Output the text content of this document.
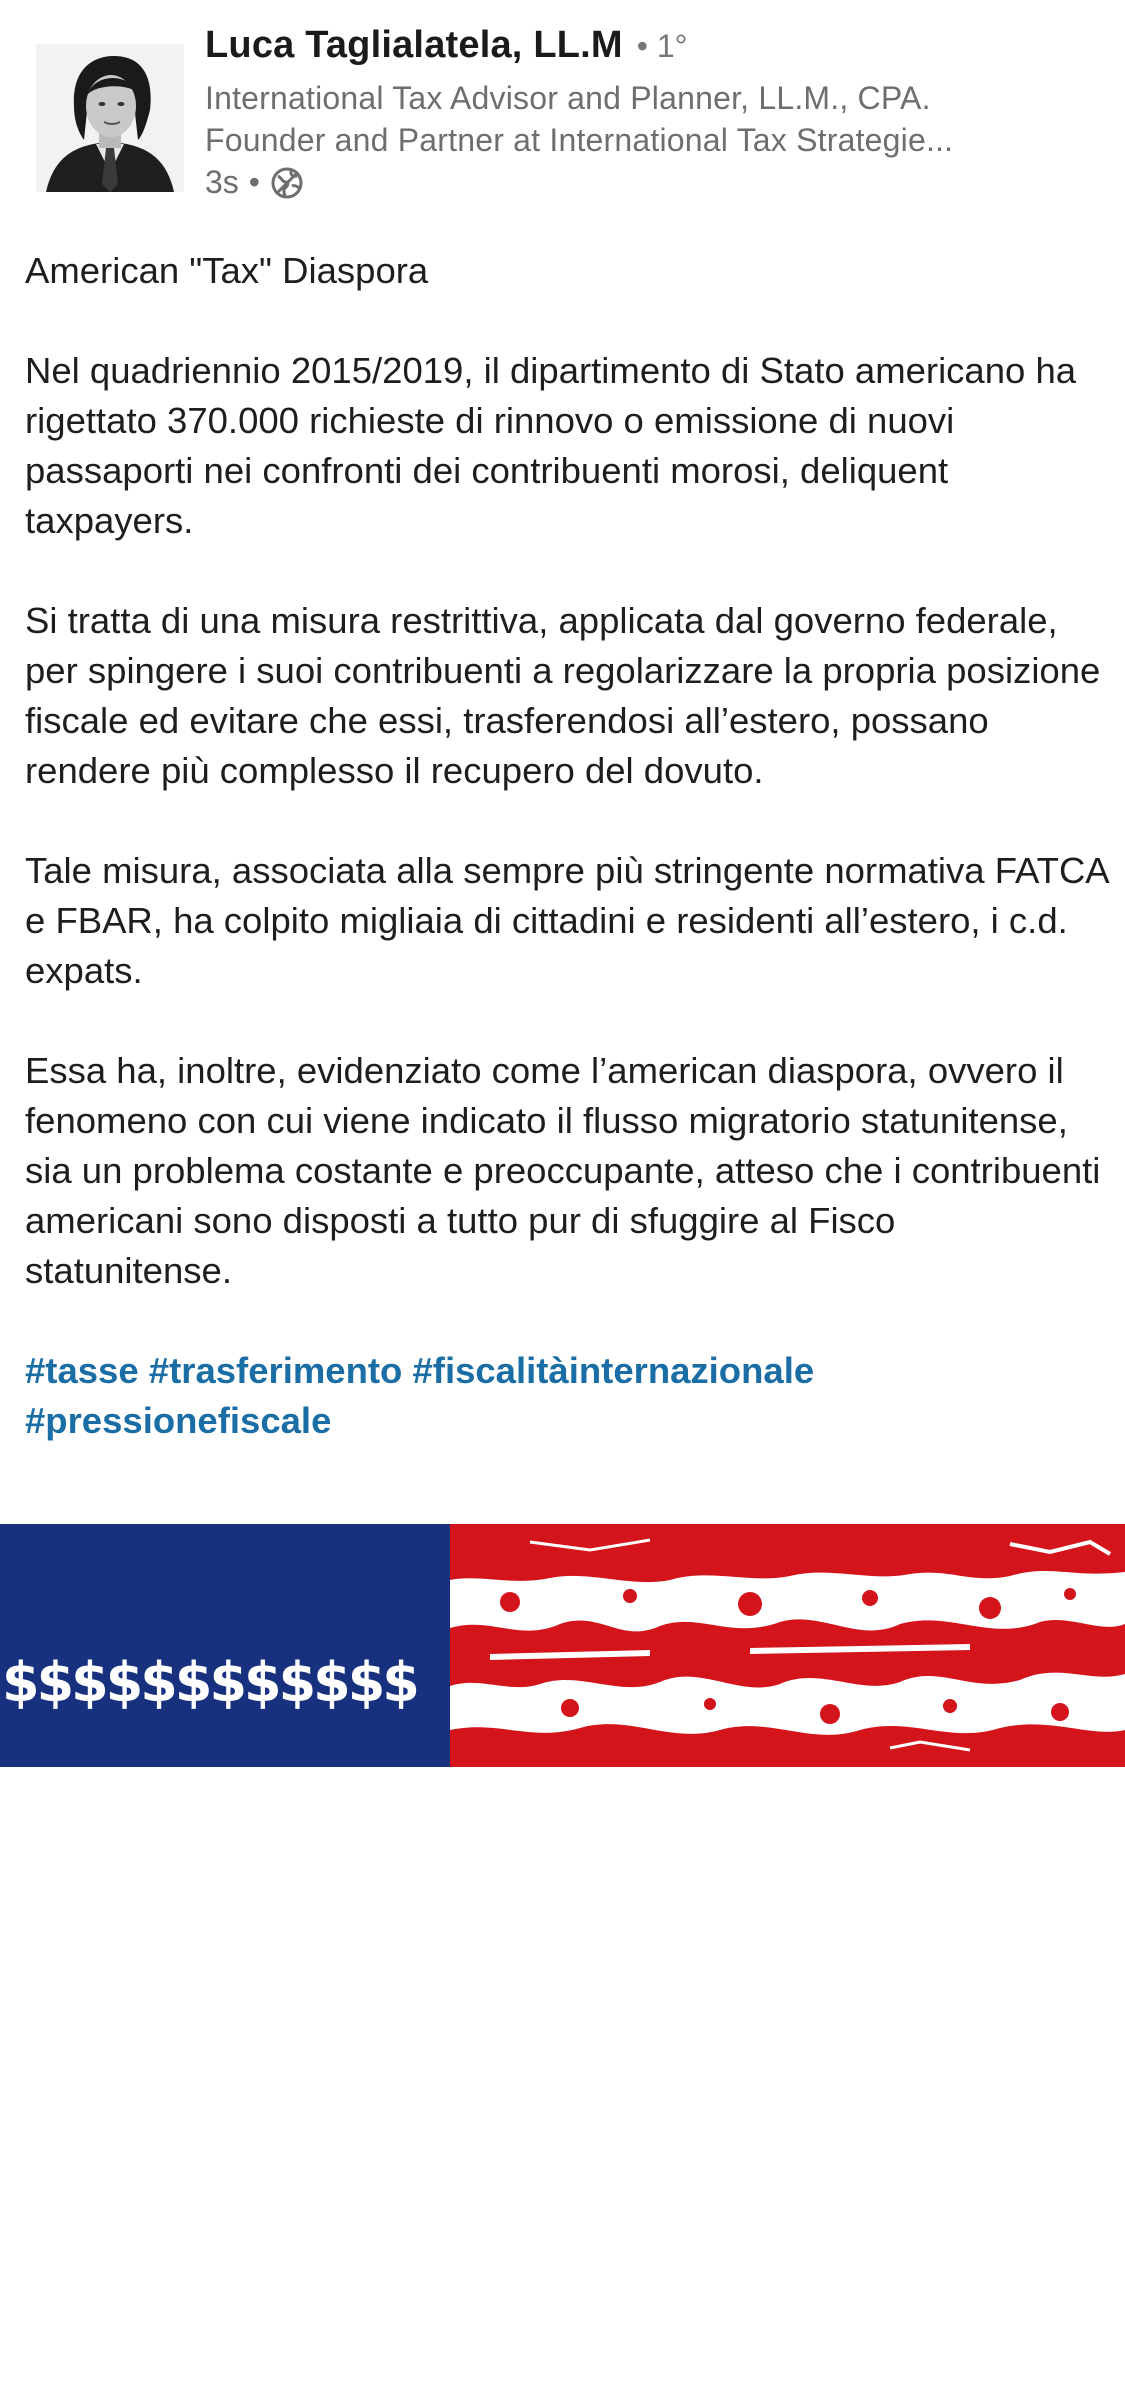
Luca Taglialatela, LL.M • 1°
International Tax Advisor and Planner, LL.M., CPA.
Founder and Partner at International Tax Strategie...
3s •

American "Tax" Diaspora

Nel quadriennio 2015/2019, il dipartimento di Stato americano ha rigettato 370.000 richieste di rinnovo o emissione di nuovi passaporti nei confronti dei contribuenti morosi, deliquent taxpayers.

Si tratta di una misura restrittiva, applicata dal governo federale, per spingere i suoi contribuenti a regolarizzare la propria posizione fiscale ed evitare che essi, trasferendosi all’estero, possano rendere più complesso il recupero del dovuto.

Tale misura, associata alla sempre più stringente normativa FATCA e FBAR, ha colpito migliaia di cittadini e residenti all’estero, i c.d. expats.

Essa ha, inoltre, evidenziato come l’american diaspora, ovvero il fenomeno con cui viene indicato il flusso migratorio statunitense, sia un problema costante e preoccupante, atteso che i contribuenti americani sono disposti a tutto pur di sfuggire al Fisco statunitense.

#tasse #trasferimento #fiscalitàinternazionale #pressionefiscale

$$$$$$$$$$$$

$$$$$$$$$$$$

$$$$$$$$$$$$

$$$$$$$$$$$$
